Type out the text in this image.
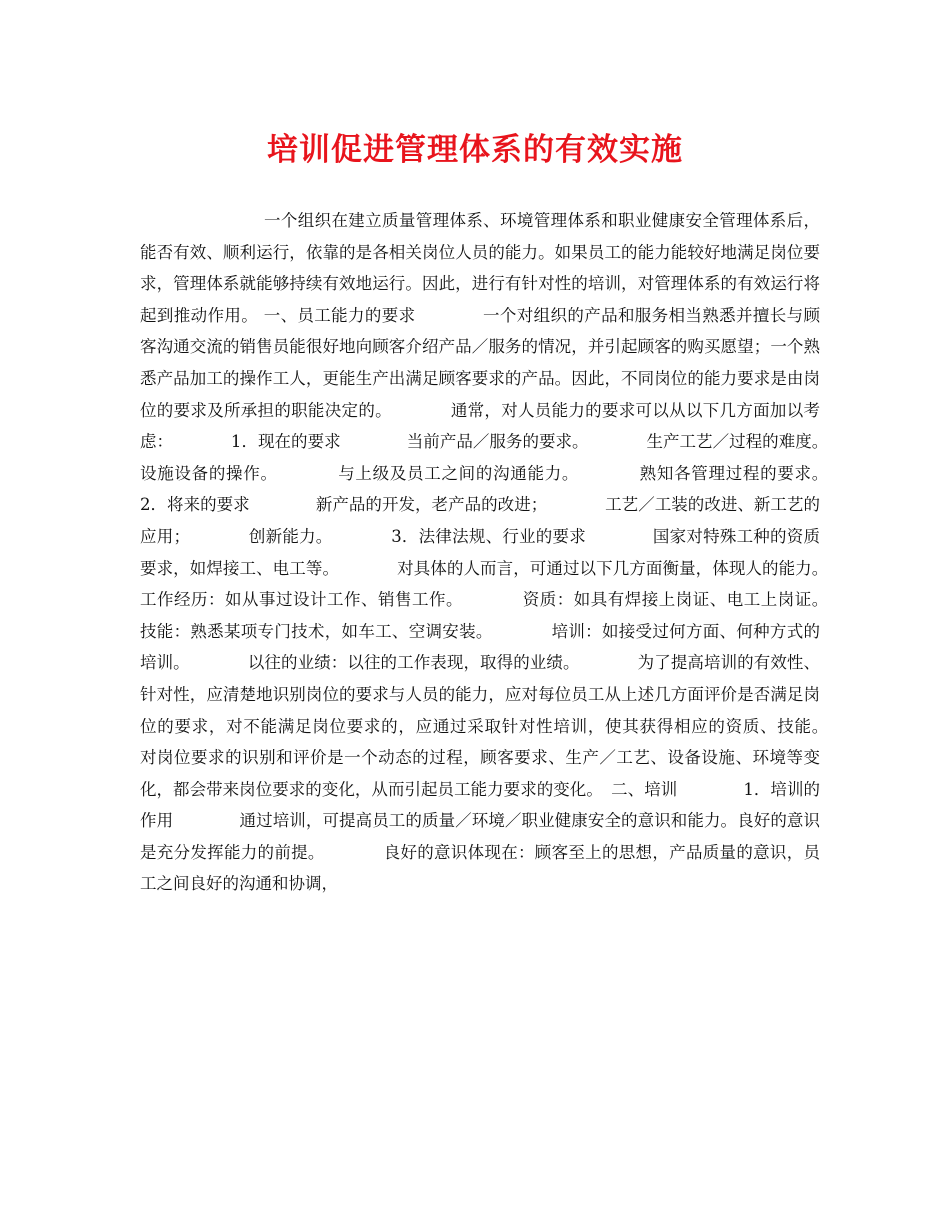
培训促进管理体系的有效实施

一个组织在建立质量管理体系、环境管理体系和职业健康安全管理体系后，能否有效、顺利运行，依靠的是各相关岗位人员的能力。如果员工的能力能较好地满足岗位要求，管理体系就能够持续有效地运行。因此，进行有针对性的培训，对管理体系的有效运行将起到推动作用。 一、员工能力的要求　　　　一个对组织的产品和服务相当熟悉并擅长与顾客沟通交流的销售员能很好地向顾客介绍产品／服务的情况，并引起顾客的购买愿望；一个熟悉产品加工的操作工人，更能生产出满足顾客要求的产品。因此，不同岗位的能力要求是由岗位的要求及所承担的职能决定的。　　　　通常，对人员能力的要求可以从以下几方面加以考虑：　　　　1．现在的要求　　　　当前产品／服务的要求。　　　　生产工艺／过程的难度。　　　　设施设备的操作。　　　　与上级及员工之间的沟通能力。　　　　熟知各管理过程的要求。　　　　2．将来的要求　　　　新产品的开发，老产品的改进；　　　　工艺／工装的改进、新工艺的应用；　　　　创新能力。　　　　3．法律法规、行业的要求　　　　国家对特殊工种的资质要求，如焊接工、电工等。　　　　对具体的人而言，可通过以下几方面衡量，体现人的能力。　　　　工作经历：如从事过设计工作、销售工作。　　　　资质：如具有焊接上岗证、电工上岗证。　　　　技能：熟悉某项专门技术，如车工、空调安装。　　　　培训：如接受过何方面、何种方式的培训。　　　　以往的业绩：以往的工作表现，取得的业绩。　　　　为了提高培训的有效性、针对性，应清楚地识别岗位的要求与人员的能力，应对每位员工从上述几方面评价是否满足岗位的要求，对不能满足岗位要求的，应通过采取针对性培训，使其获得相应的资质、技能。　　　　对岗位要求的识别和评价是一个动态的过程，顾客要求、生产／工艺、设备设施、环境等变化，都会带来岗位要求的变化，从而引起员工能力要求的变化。　二、培训　　　　1．培训的作用　　　　通过培训，可提高员工的质量／环境／职业健康安全的意识和能力。良好的意识是充分发挥能力的前提。　　　　良好的意识体现在：顾客至上的思想，产品质量的意识，员工之间良好的沟通和协调，
